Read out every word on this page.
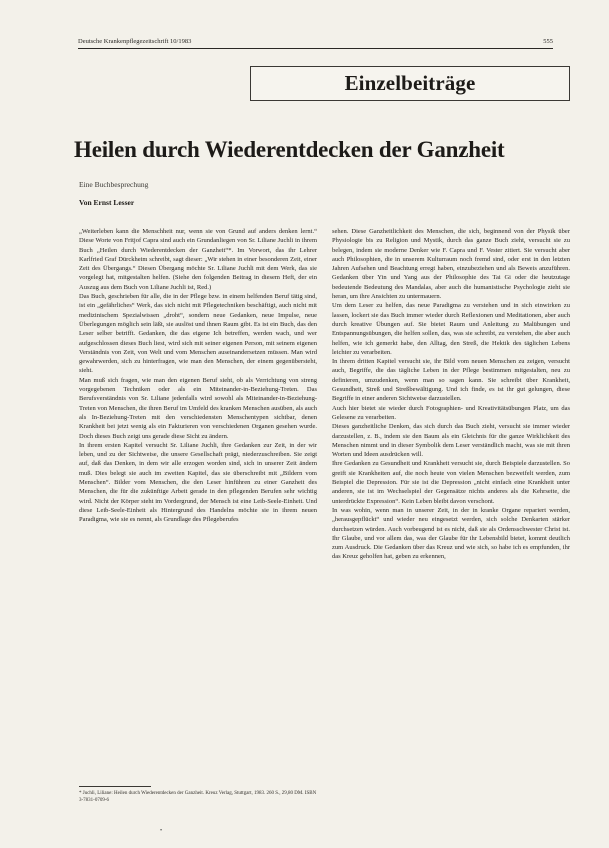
Deutsche Krankenpflegezeitschrift 10/1983	555
Einzelbeiträge
Heilen durch Wiederentdecken der Ganzheit
Eine Buchbesprechung
Von Ernst Lesser

„Weiterleben kann die Menschheit nur, wenn sie von Grund auf anders denken lernt.“ Diese Worte von Fritjof Capra sind auch ein Grundanliegen von Sr. Liliane Juchli in ihrem Buch „Heilen durch Wiederentdecken der Ganzheit“*. Im Vorwort, das ihr Lehrer Karlfried Graf Dürckheim schreibt, sagt dieser: „Wir stehen in einer besonderen Zeit, einer Zeit des Übergangs.“ Diesen Übergang möchte Sr. Liliane Juchli mit dem Werk, das sie vorgelegt hat, mitgestalten helfen. (Siehe den folgenden Beitrag in diesem Heft, der ein Auszug aus dem Buch von Liliane Juchli ist, Red.)

Das Buch, geschrieben für alle, die in der Pflege bzw. in einem helfenden Beruf tätig sind, ist ein „gefährliches“ Werk, das sich nicht mit Pflegetechniken beschäftigt, auch nicht mit medizinischem Spezialwissen „droht“, sondern neue Gedanken, neue Impulse, neue Überlegungen möglich sein läßt, sie auslöst und ihnen Raum gibt. Es ist ein Buch, das den Leser selber betrifft. Gedanken, die das eigene Ich betreffen, werden wach, und wer aufgeschlossen dieses Buch liest, wird sich mit seiner eigenen Person, mit seinem eigenen Verständnis von Zeit, von Welt und vom Menschen auseinandersetzen müssen. Man wird gewahrwerden, sich zu hinterfragen, wie man den Menschen, der einem gegenübersteht, sieht.

Man muß sich fragen, wie man den eigenen Beruf sieht, ob als Verrichtung von streng vorgegebenen Techniken oder als ein Miteinander-in-Beziehung-Treten. Das Berufsverständnis von Sr. Liliane jedenfalls wird sowohl als Miteinander-in-Beziehung-Treten von Menschen, die ihren Beruf im Umfeld des kranken Menschen ausüben, als auch als In-Beziehung-Treten mit den verschiedensten Menschentypen sichtbar, denen Krankheit bei jetzt wenig als ein Fakturieren von verschiedenen Organen gesehen wurde. Doch dieses Buch zeigt uns gerade diese Sicht zu ändern.

In ihrem ersten Kapitel versucht Sr. Liliane Juchli, ihre Gedanken zur Zeit, in der wir leben, und zu der Sichtweise, die unsere Gesellschaft prägt, niederzuschreiben. Sie zeigt auf, daß das Denken, in dem wir alle erzogen worden sind, sich in unserer Zeit ändern muß. Dies belegt sie auch im zweiten Kapitel, das sie überschreibt mit „Bildern vom Menschen“. Bilder vom Menschen, die den Leser hinführen zu einer Ganzheit des Menschen, die für die zukünftige Arbeit gerade in den pflegenden Berufen sehr wichtig wird. Nicht der Körper steht im Vordergrund, der Mensch ist eine Leib-Seele-Einheit. Und diese Leib-Seele-Einheit als Hintergrund des Handelns möchte sie in ihrem neuen Paradigma, wie sie es nennt, als Grundlage des Pflegeberufes

sehen. Diese Ganzheitlichkeit des Menschen, die sich, beginnend von der Physik über Physiologie bis zu Religion und Mystik, durch das ganze Buch zieht, versucht sie zu belegen, indem sie moderne Denker wie F. Capra und F. Vester zitiert. Sie versucht aber auch Philosophien, die in unserem Kulturraum noch fremd sind, oder erst in den letzten Jahren Aufsehen und Beachtung erregt haben, einzubeziehen und als Beweis anzuführen. Gedanken über Yin und Yang aus der Philosophie des Tai Gi oder die heutzutage bedeutende Bedeutung des Mandalas, aber auch die humanistische Psychologie zieht sie heran, um ihre Ansichten zu untermauern.

Um dem Leser zu helfen, das neue Paradigma zu verstehen und in sich einwirken zu lassen, lockert sie das Buch immer wieder durch Reflexionen und Meditationen, aber auch durch kreative Übungen auf. Sie bietet Raum und Anleitung zu Malübungen und Entspannungsübungen, die helfen sollen, das, was sie schreibt, zu verstehen, die aber auch helfen, wie ich gemerkt habe, den Alltag, den Streß, die Hektik des täglichen Lebens leichter zu verarbeiten.

In ihrem dritten Kapitel versucht sie, ihr Bild vom neuen Menschen zu zeigen, versucht auch, Begriffe, die das tägliche Leben in der Pflege bestimmen mitgestalten, neu zu definieren, umzudenken, wenn man so sagen kann. Sie schreibt über Krankheit, Gesundheit, Streß und Streßbewältigung. Und ich finde, es ist ihr gut gelungen, diese Begriffe in einer anderen Sichtweise darzustellen.

Auch hier bietet sie wieder durch Fotographien- und Kreativitätsübungen Platz, um das Gelesene zu verarbeiten.

Dieses ganzheitliche Denken, das sich durch das Buch zieht, versucht sie immer wieder darzustellen, z. B., indem sie den Baum als ein Gleichnis für die ganze Wirklichkeit des Menschen nimmt und in dieser Symbolik dem Leser verständlich macht, was sie mit ihren Worten und Ideen ausdrücken will.

Ihre Gedanken zu Gesundheit und Krankheit versucht sie, durch Beispiele darzustellen. So greift sie Krankheiten auf, die noch heute von vielen Menschen bezweifelt werden, zum Beispiel die Depression. Für sie ist die Depression „nicht einfach eine Krankheit unter anderen, sie ist im Wechselspiel der Gegensätze nichts anderes als die Kehrseite, die unterdrückte Expression“. Kein Leben bleibt davon verschont.

In was wohin, wenn man in unserer Zeit, in der in kranke Organe repariert werden, „herausgepflückt“ und wieder neu eingesetzt werden, sich solche Denkarten stärker durchsetzen würden. Auch vorbeugend ist es nicht, daß sie als Ordensschwester Christ ist. Ihr Glaube, und vor allem das, was der Glaube für ihr Lebensbild bietet, kommt deutlich zum Ausdruck. Die Gedanken über das Kreuz und wie sich, so habe ich es empfunden, ihr das Kreuz geholfen hat, geben zu erkennen,

* Juchli, Liliane: Heilen durch Wiederentdecken der Ganzheit. Kreuz Verlag, Stuttgart, 1983. 260 S., 29,80 DM. ISBN 3-7831-0709-6
•
